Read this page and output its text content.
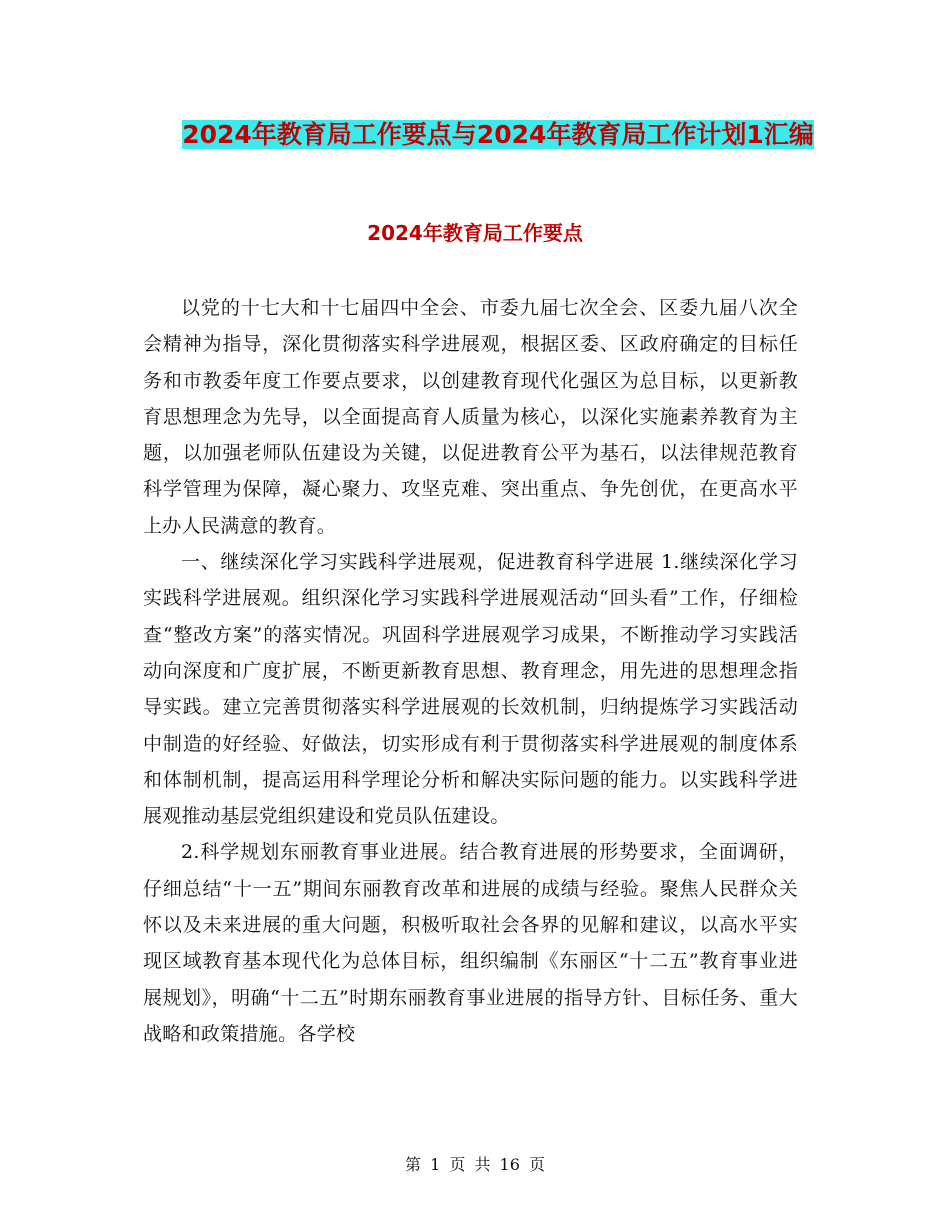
2024年教育局工作要点与2024年教育局工作计划1汇编
2024年教育局工作要点

以党的十七大和十七届四中全会、市委九届七次全会、区委九届八次全会精神为指导，深化贯彻落实科学进展观，根据区委、区政府确定的目标任务和市教委年度工作要点要求，以创建教育现代化强区为总目标，以更新教育思想理念为先导，以全面提高育人质量为核心，以深化实施素养教育为主题，以加强老师队伍建设为关键，以促进教育公平为基石，以法律规范教育科学管理为保障，凝心聚力、攻坚克难、突出重点、争先创优，在更高水平上办人民满意的教育。

一、继续深化学习实践科学进展观，促进教育科学进展 1.继续深化学习实践科学进展观。组织深化学习实践科学进展观活动“回头看”工作，仔细检查“整改方案”的落实情况。巩固科学进展观学习成果，不断推动学习实践活动向深度和广度扩展，不断更新教育思想、教育理念，用先进的思想理念指导实践。建立完善贯彻落实科学进展观的长效机制，归纳提炼学习实践活动中制造的好经验、好做法，切实形成有利于贯彻落实科学进展观的制度体系和体制机制，提高运用科学理论分析和解决实际问题的能力。以实践科学进展观推动基层党组织建设和党员队伍建设。

2.科学规划东丽教育事业进展。结合教育进展的形势要求，全面调研，仔细总结“十一五”期间东丽教育改革和进展的成绩与经验。聚焦人民群众关怀以及未来进展的重大问题，积极听取社会各界的见解和建议，以高水平实现区域教育基本现代化为总体目标，组织编制《东丽区“十二五”教育事业进展规划》，明确“十二五”时期东丽教育事业进展的指导方针、目标任务、重大战略和政策措施。各学校

第 1 页 共 16 页
